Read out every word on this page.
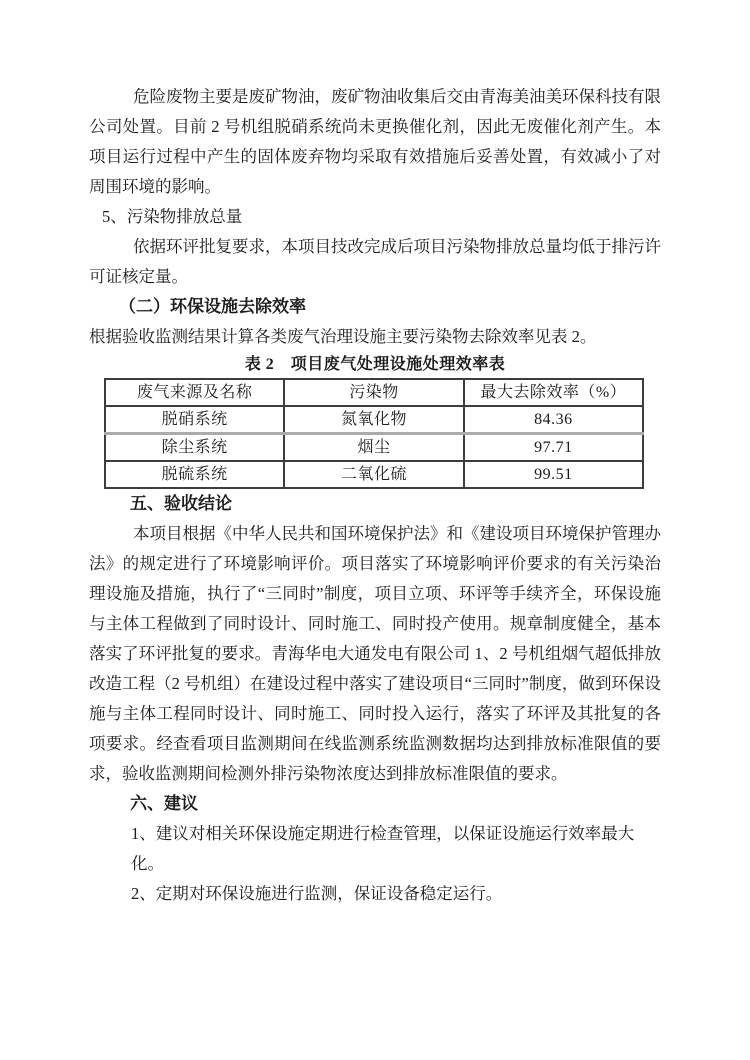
危险废物主要是废矿物油，废矿物油收集后交由青海美油美环保科技有限公司处置。目前 2 号机组脱硝系统尚未更换催化剂，因此无废催化剂产生。本项目运行过程中产生的固体废弃物均采取有效措施后妥善处置，有效减小了对周围环境的影响。

5、污染物排放总量

依据环评批复要求，本项目技改完成后项目污染物排放总量均低于排污许可证核定量。

（二）环保设施去除效率

根据验收监测结果计算各类废气治理设施主要污染物去除效率见表 2。

表 2　项目废气处理设施处理效率表
废气来源及名称	污染物	最大去除效率（%）
脱硝系统	氮氧化物	84.36
除尘系统	烟尘	97.71
脱硫系统	二氧化硫	99.51

五、验收结论

本项目根据《中华人民共和国环境保护法》和《建设项目环境保护管理办法》的规定进行了环境影响评价。项目落实了环境影响评价要求的有关污染治理设施及措施，执行了“三同时”制度，项目立项、环评等手续齐全，环保设施与主体工程做到了同时设计、同时施工、同时投产使用。规章制度健全，基本落实了环评批复的要求。青海华电大通发电有限公司 1、2 号机组烟气超低排放改造工程（2 号机组）在建设过程中落实了建设项目“三同时”制度，做到环保设施与主体工程同时设计、同时施工、同时投入运行，落实了环评及其批复的各项要求。经查看项目监测期间在线监测系统监测数据均达到排放标准限值的要求，验收监测期间检测外排污染物浓度达到排放标准限值的要求。

六、建议

1、建议对相关环保设施定期进行检查管理，以保证设施运行效率最大化。

2、定期对环保设施进行监测，保证设备稳定运行。
